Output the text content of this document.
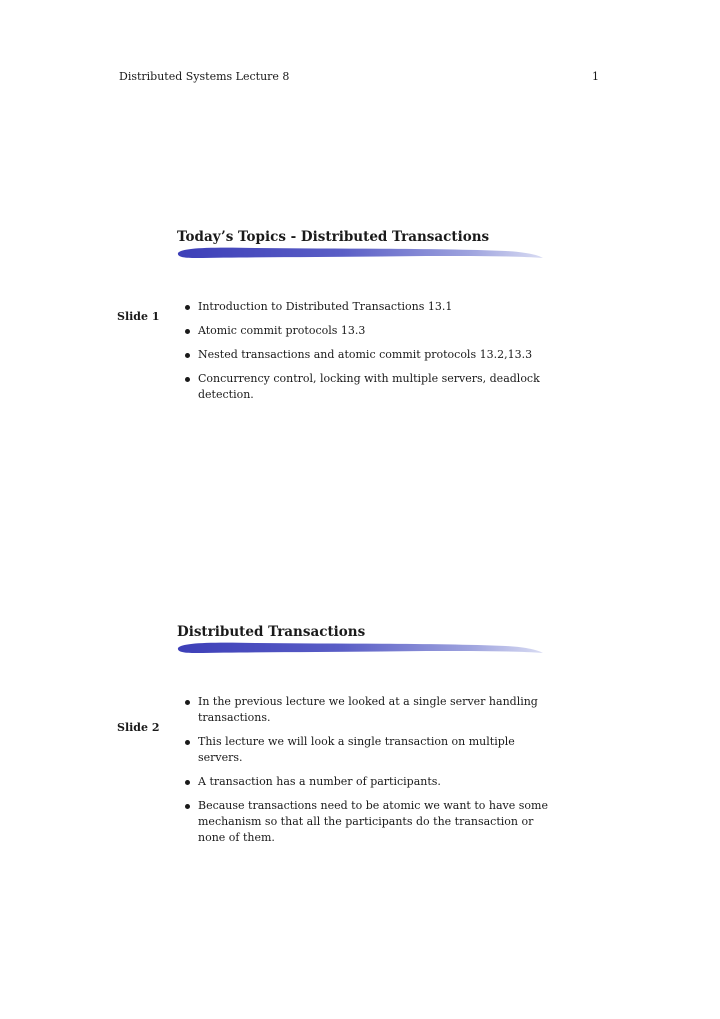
Distributed Systems Lecture 8	1
Today’s Topics - Distributed Transactions
Slide 1
Introduction to Distributed Transactions 13.1
Atomic commit protocols 13.3
Nested transactions and atomic commit protocols 13.2,13.3
Concurrency control, locking with multiple servers, deadlock detection.
Distributed Transactions
Slide 2
In the previous lecture we looked at a single server handling transactions.
This lecture we will look a single transaction on multiple servers.
A transaction has a number of participants.
Because transactions need to be atomic we want to have some mechanism so that all the participants do the transaction or none of them.
